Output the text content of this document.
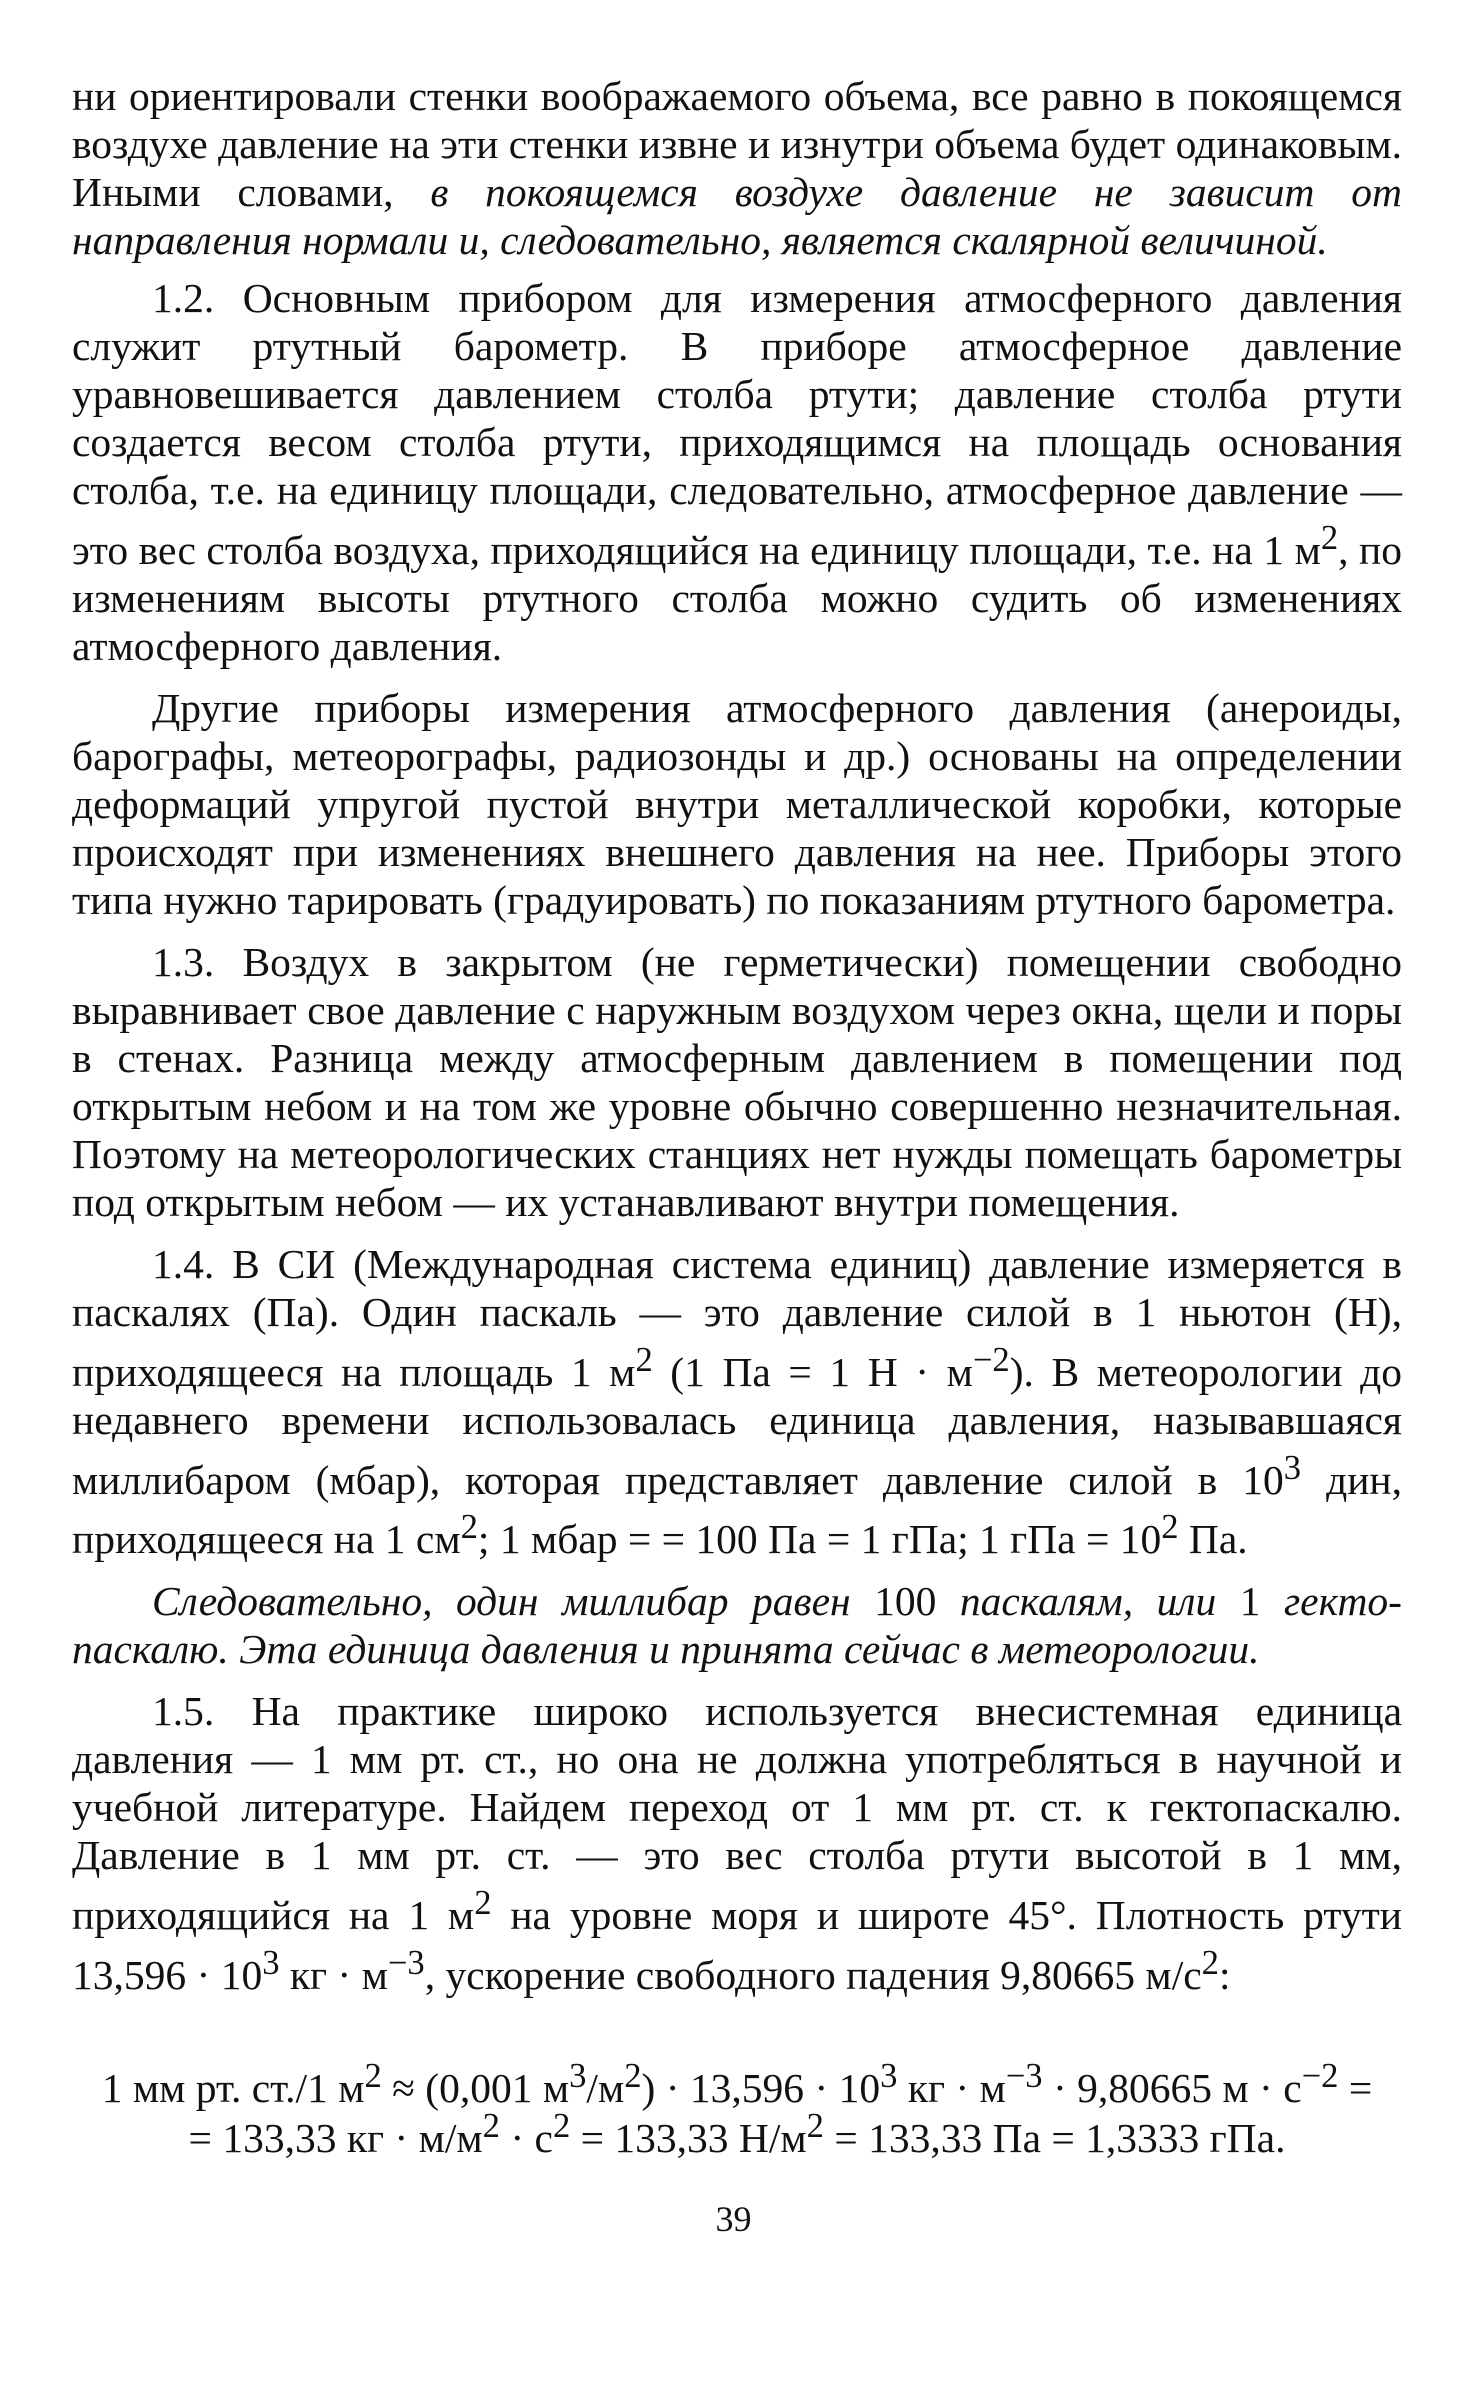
ни ориентировали стенки воображаемого объема, все равно в покоящемся воздухе давление на эти стенки извне и изнутри объема будет одинаковым. Иными словами, в покоящемся воздухе давление не зависит от направления нормали и, следовательно, является скалярной величиной.

1.2. Основным прибором для измерения атмосферного давления служит ртутный барометр. В приборе атмосферное давление уравновешивается давлением столба ртути; давление столба ртути создается весом столба ртути, приходящимся на площадь основания столба, т.е. на единицу площади, следовательно, атмосферное давление — это вес столба воздуха, приходящийся на единицу площади, т.е. на 1 $м^2$, по изменениям высоты ртутного столба можно судить об изменениях атмосферного давления.

Другие приборы измерения атмосферного давления (анероиды, барографы, метеорографы, радиозонды и др.) основаны на определении деформаций упругой пустой внутри металлической коробки, которые происходят при изменениях внешнего давления на нее. Приборы этого типа нужно тарировать (градуировать) по показаниям ртутного барометра.

1.3. Воздух в закрытом (не герметически) помещении свободно выравнивает свое давление с наружным воздухом через окна, щели и поры в стенах. Разница между атмосферным давлением в помещении под открытым небом и на том же уровне обычно совершенно незначительная. Поэтому на метеорологических станциях нет нужды помещать барометры под открытым небом — их устанавливают внутри помещения.

1.4. В СИ (Международная система единиц) давление измеряется в паскалях (Па). Один паскаль — это давление силой в 1 ньютон (Н), приходящееся на площадь 1 $м^2$ (1 Па = 1 $Н \cdot м^{-2}$). В метеорологии до недавнего времени использовалась единица давления, называвшаяся миллибаром (мбар), которая представляет давление силой в $10^3$ дин, приходящееся на 1 $см^2$; 1 мбар = = 100 Па = 1 гПа; 1 гПа = $10^2$ Па.

Следовательно, один миллибар равен 100 паскалям, или 1 гектопаскалю. Эта единица давления и принята сейчас в метеорологии.

1.5. На практике широко используется внесистемная единица давления — 1 мм рт. ст., но она не должна употребляться в научной и учебной литературе. Найдем переход от 1 мм рт. ст. к гектопаскалю. Давление в 1 мм рт. ст. — это вес столба ртути высотой в 1 мм, приходящийся на 1 $м^2$ на уровне моря и широте 45°. Плотность ртути $13,596 \cdot 10^3$ кг · $м^{-3}$, ускорение свободного падения 9,80665 $м/с^2$:

1 мм рт. ст./1 $м^2 \approx (0,001$ $м^3/м^2) \cdot 13,596 \cdot 10^3$ кг · $м^{-3} \cdot 9,80665$ $м \cdot с^{-2}$ =
= 133,33 кг · $м/м^2 \cdot с^2 = 133,33$ $Н/м^2 = 133,33$ Па = 1,3333 гПа.
39
